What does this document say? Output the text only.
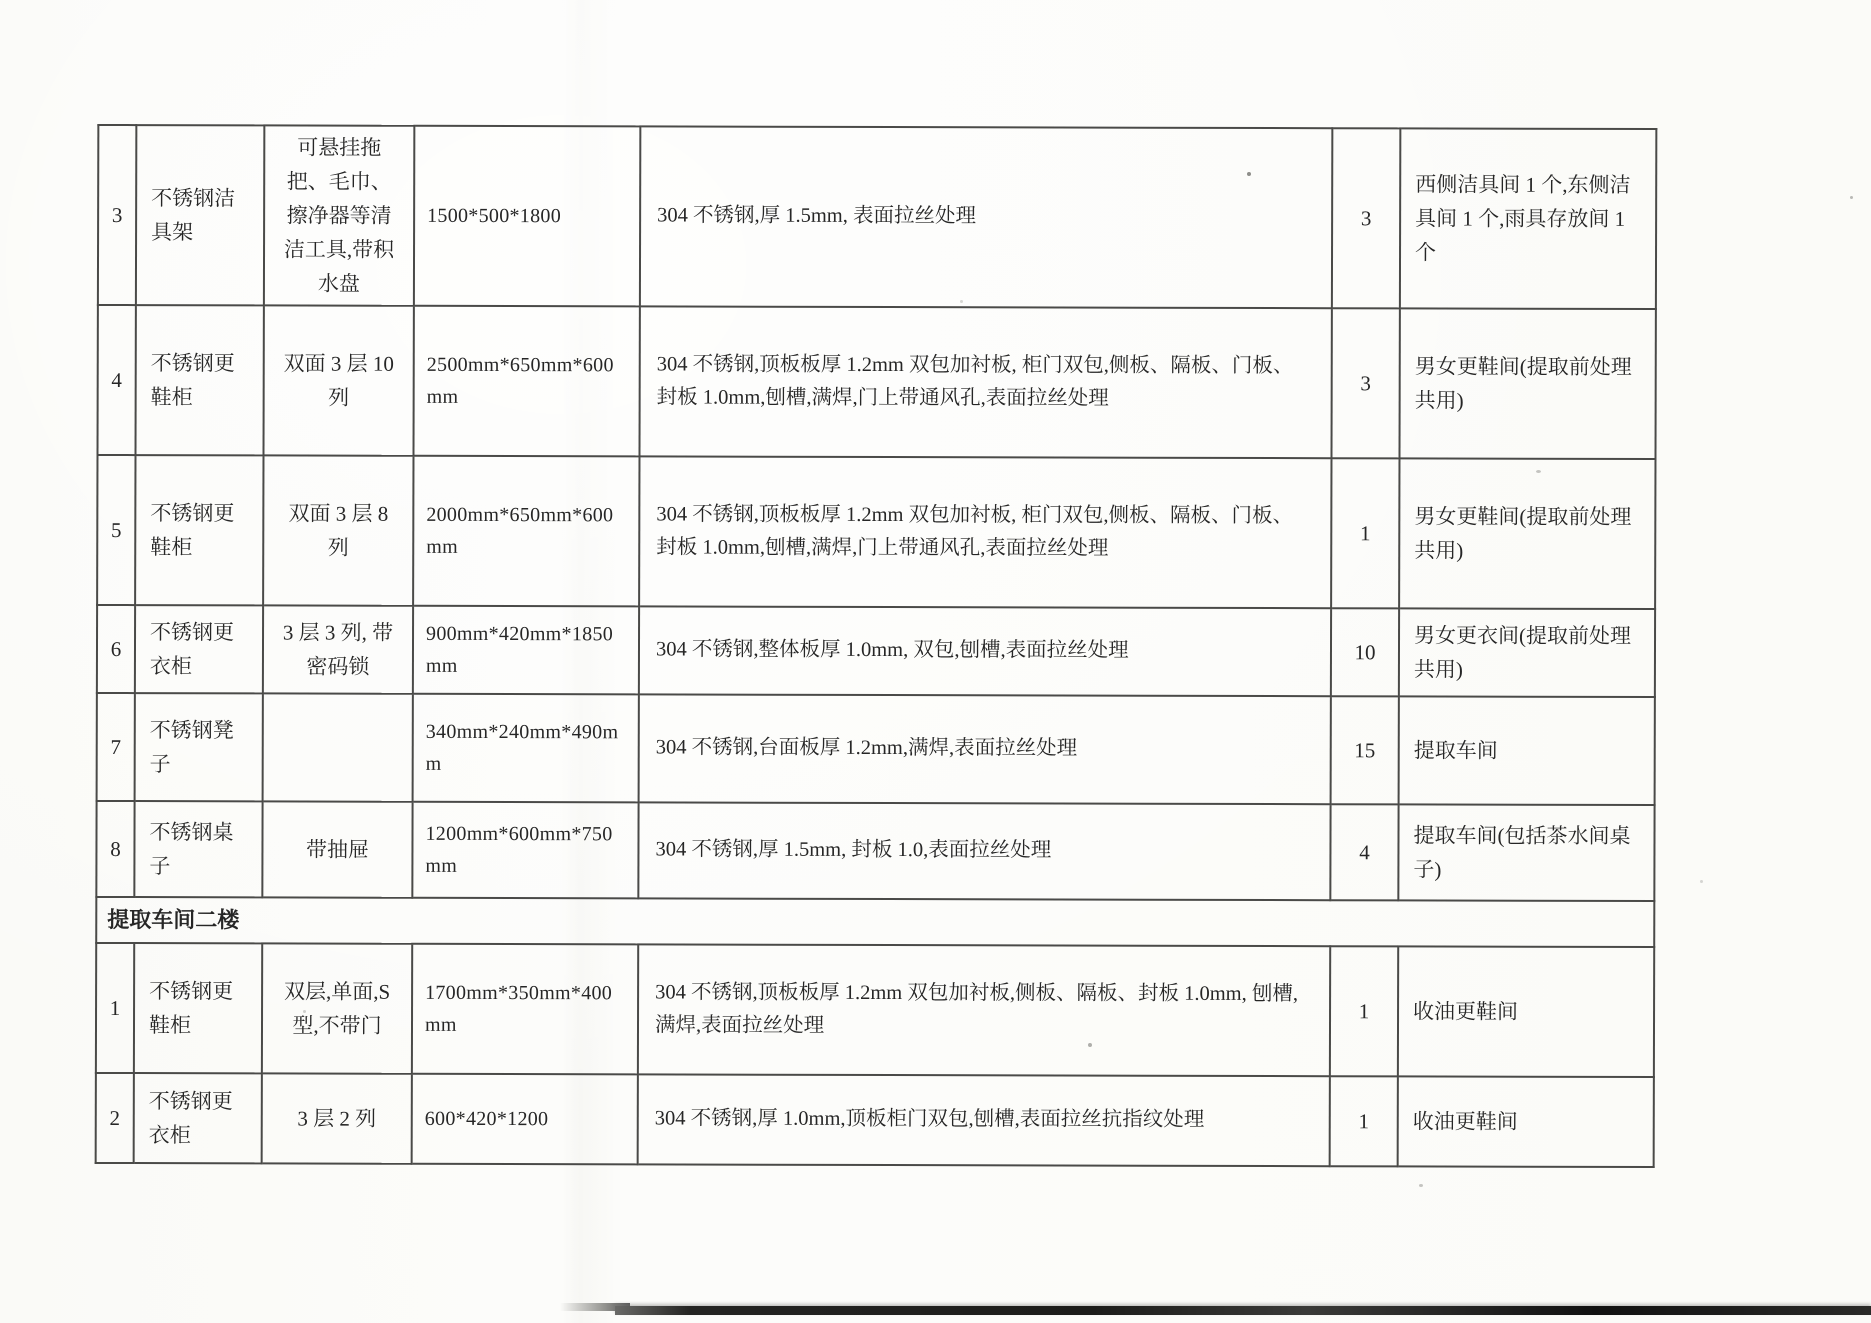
3	不锈钢洁具架	可悬挂拖把、毛巾、擦净器等清洁工具,带积水盘	1500*500*1800	304 不锈钢,厚 1.5mm, 表面拉丝处理	3	西侧洁具间 1 个,东侧洁具间 1 个,雨具存放间 1 个
4	不锈钢更鞋柜	双面 3 层 10 列	2500mm*650mm*600mm	304 不锈钢,顶板板厚 1.2mm 双包加衬板, 柜门双包,侧板、隔板、门板、封板 1.0mm,刨槽,满焊,门上带通风孔,表面拉丝处理	3	男女更鞋间(提取前处理共用)
5	不锈钢更鞋柜	双面 3 层 8 列	2000mm*650mm*600mm	304 不锈钢,顶板板厚 1.2mm 双包加衬板, 柜门双包,侧板、隔板、门板、封板 1.0mm,刨槽,满焊,门上带通风孔,表面拉丝处理	1	男女更鞋间(提取前处理共用)
6	不锈钢更衣柜	3 层 3 列, 带密码锁	900mm*420mm*1850mm	304 不锈钢,整体板厚 1.0mm, 双包,刨槽,表面拉丝处理	10	男女更衣间(提取前处理共用)
7	不锈钢凳子		340mm*240mm*490mm	304 不锈钢,台面板厚 1.2mm,满焊,表面拉丝处理	15	提取车间
8	不锈钢桌子	带抽屉	1200mm*600mm*750mm	304 不锈钢,厚 1.5mm, 封板 1.0,表面拉丝处理	4	提取车间(包括茶水间桌子)
提取车间二楼						
1	不锈钢更鞋柜	双层,单面,S 型,不带门	1700mm*350mm*400mm	304 不锈钢,顶板板厚 1.2mm 双包加衬板,侧板、隔板、封板 1.0mm, 刨槽, 满焊,表面拉丝处理	1	收油更鞋间
2	不锈钢更衣柜	3 层 2 列	600*420*1200	304 不锈钢,厚 1.0mm,顶板柜门双包,刨槽,表面拉丝抗指纹处理	1	收油更鞋间
